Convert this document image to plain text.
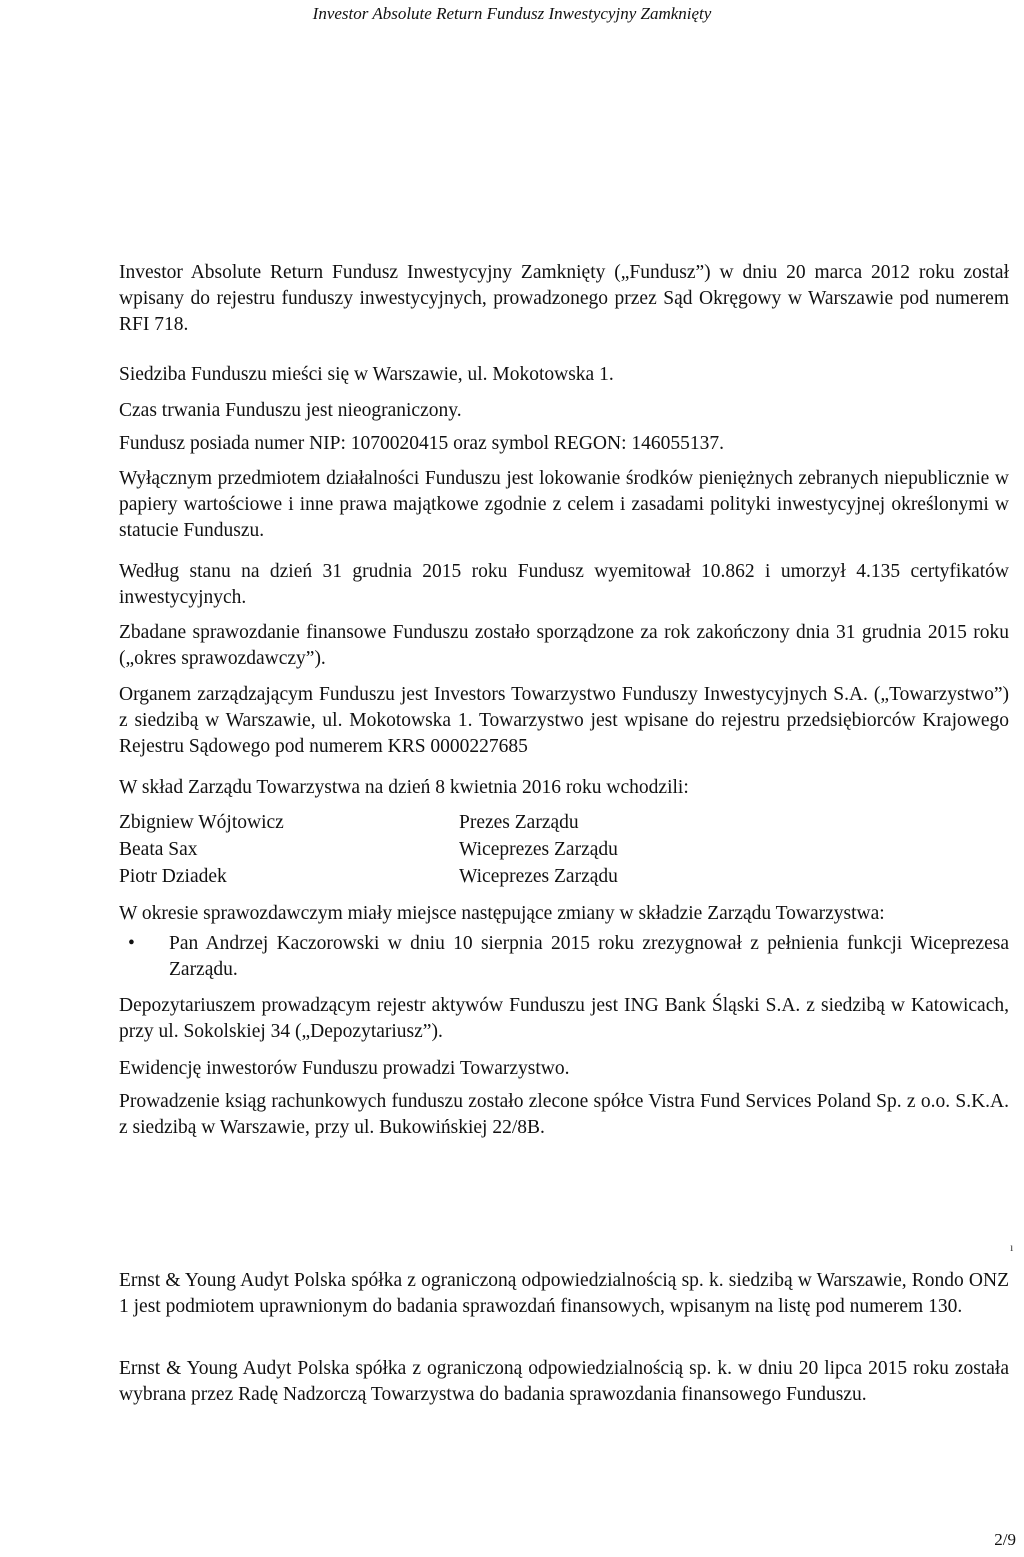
Investor Absolute Return Fundusz Inwestycyjny Zamknięty

Investor Absolute Return Fundusz Inwestycyjny Zamknięty („Fundusz”) w dniu 20 marca 2012 roku został wpisany do rejestru funduszy inwestycyjnych, prowadzonego przez Sąd Okręgowy w Warszawie pod numerem RFI 718.

Siedziba Funduszu mieści się w Warszawie, ul. Mokotowska 1.

Czas trwania Funduszu jest nieograniczony.

Fundusz posiada numer NIP: 1070020415 oraz symbol REGON: 146055137.

Wyłącznym przedmiotem działalności Funduszu jest lokowanie środków pieniężnych zebranych niepublicznie w papiery wartościowe i inne prawa majątkowe zgodnie z celem i zasadami polityki inwestycyjnej określonymi w statucie Funduszu.

Według stanu na dzień 31 grudnia 2015 roku Fundusz wyemitował 10.862 i umorzył 4.135 certyfikatów inwestycyjnych.

Zbadane sprawozdanie finansowe Funduszu zostało sporządzone za rok zakończony dnia 31 grudnia 2015 roku („okres sprawozdawczy”).

Organem zarządzającym Funduszu jest Investors Towarzystwo Funduszy Inwestycyjnych S.A. („Towarzystwo”) z siedzibą w Warszawie, ul. Mokotowska 1. Towarzystwo jest wpisane do rejestru przedsiębiorców Krajowego Rejestru Sądowego pod numerem KRS 0000227685

W skład Zarządu Towarzystwa na dzień 8 kwietnia 2016 roku wchodzili:

Zbigniew Wójtowicz	Prezes Zarządu
Beata Sax	Wiceprezes Zarządu
Piotr Dziadek	Wiceprezes Zarządu

W okresie sprawozdawczym miały miejsce następujące zmiany w składzie Zarządu Towarzystwa:

• Pan Andrzej Kaczorowski w dniu 10 sierpnia 2015 roku zrezygnował z pełnienia funkcji Wiceprezesa Zarządu.

Depozytariuszem prowadzącym rejestr aktywów Funduszu jest ING Bank Śląski S.A. z siedzibą w Katowicach, przy ul. Sokolskiej 34 („Depozytariusz”).

Ewidencję inwestorów Funduszu prowadzi Towarzystwo.

Prowadzenie ksiąg rachunkowych funduszu zostało zlecone spółce Vistra Fund Services Poland Sp. z o.o. S.K.A. z siedzibą w Warszawie, przy ul. Bukowińskiej 22/8B.

ı

Ernst & Young Audyt Polska spółka z ograniczoną odpowiedzialnością sp. k. siedzibą w Warszawie, Rondo ONZ 1 jest podmiotem uprawnionym do badania sprawozdań finansowych, wpisanym na listę pod numerem 130.

Ernst & Young Audyt Polska spółka z ograniczoną odpowiedzialnością sp. k. w dniu 20 lipca 2015 roku została wybrana przez Radę Nadzorczą Towarzystwa do badania sprawozdania finansowego Funduszu.

2/9
